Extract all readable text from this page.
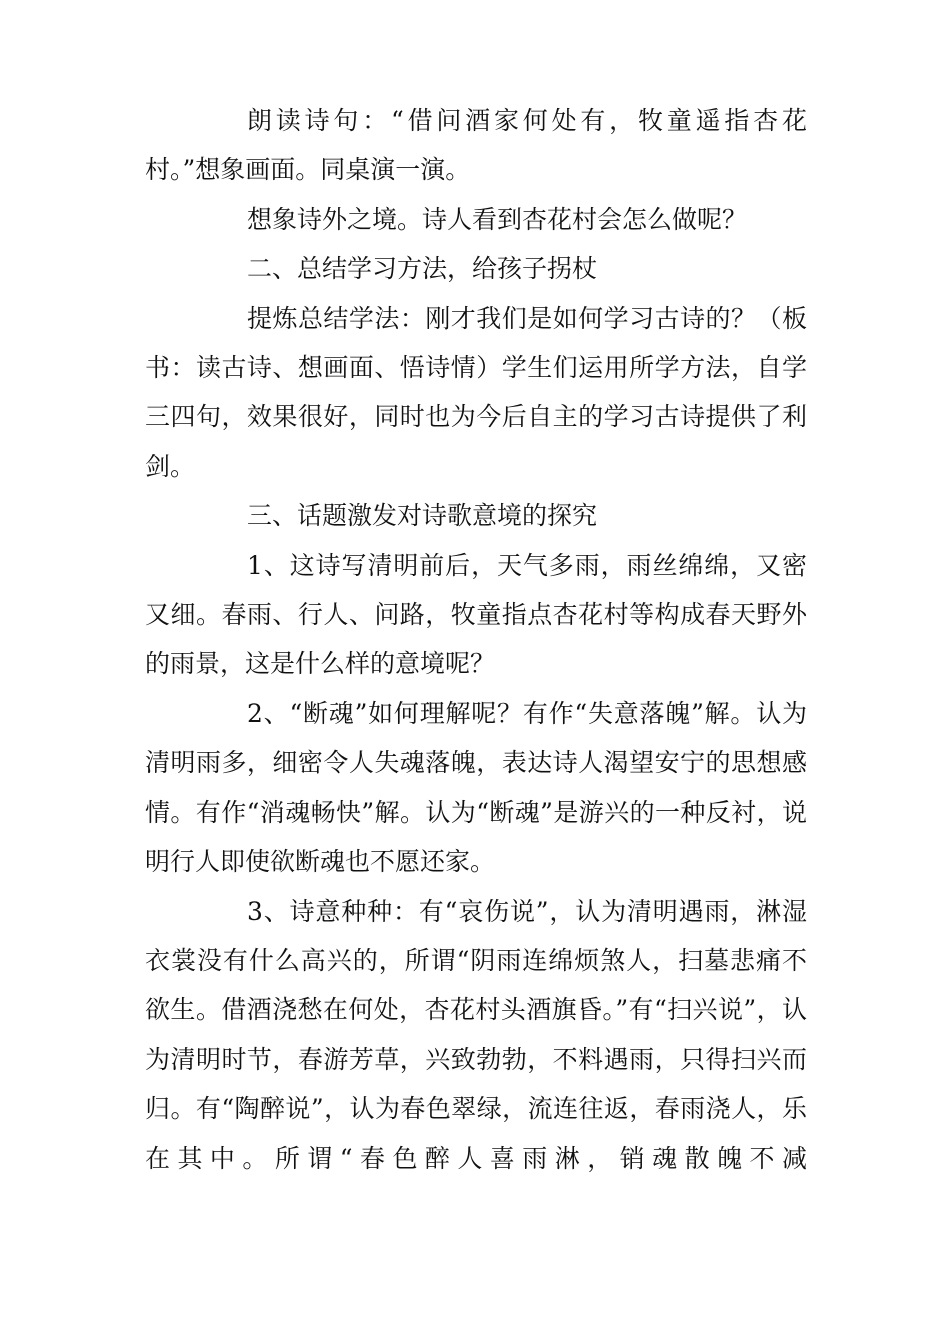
朗读诗句：“借问酒家何处有，牧童遥指杏花村。”想象画面。同桌演一演。

想象诗外之境。诗人看到杏花村会怎么做呢？

二、总结学习方法，给孩子拐杖

提炼总结学法：刚才我们是如何学习古诗的？（板书：读古诗、想画面、悟诗情）学生们运用所学方法，自学三四句，效果很好，同时也为今后自主的学习古诗提供了利剑。

三、话题激发对诗歌意境的探究

1、这诗写清明前后，天气多雨，雨丝绵绵，又密又细。春雨、行人、问路，牧童指点杏花村等构成春天野外的雨景，这是什么样的意境呢？

2、“断魂”如何理解呢？有作“失意落魄”解。认为清明雨多，细密令人失魂落魄，表达诗人渴望安宁的思想感情。有作“消魂畅快”解。认为“断魂”是游兴的一种反衬，说明行人即使欲断魂也不愿还家。

3、诗意种种：有“哀伤说”，认为清明遇雨，淋湿衣裳没有什么高兴的，所谓“阴雨连绵烦煞人，扫墓悲痛不欲生。借酒浇愁在何处，杏花村头酒旗昏。”有“扫兴说”，认为清明时节，春游芳草，兴致勃勃，不料遇雨，只得扫兴而归。有“陶醉说”，认为春色翠绿，流连往返，春雨浇人，乐在其中。所谓“春色醉人喜雨淋，销魂散魄不减
